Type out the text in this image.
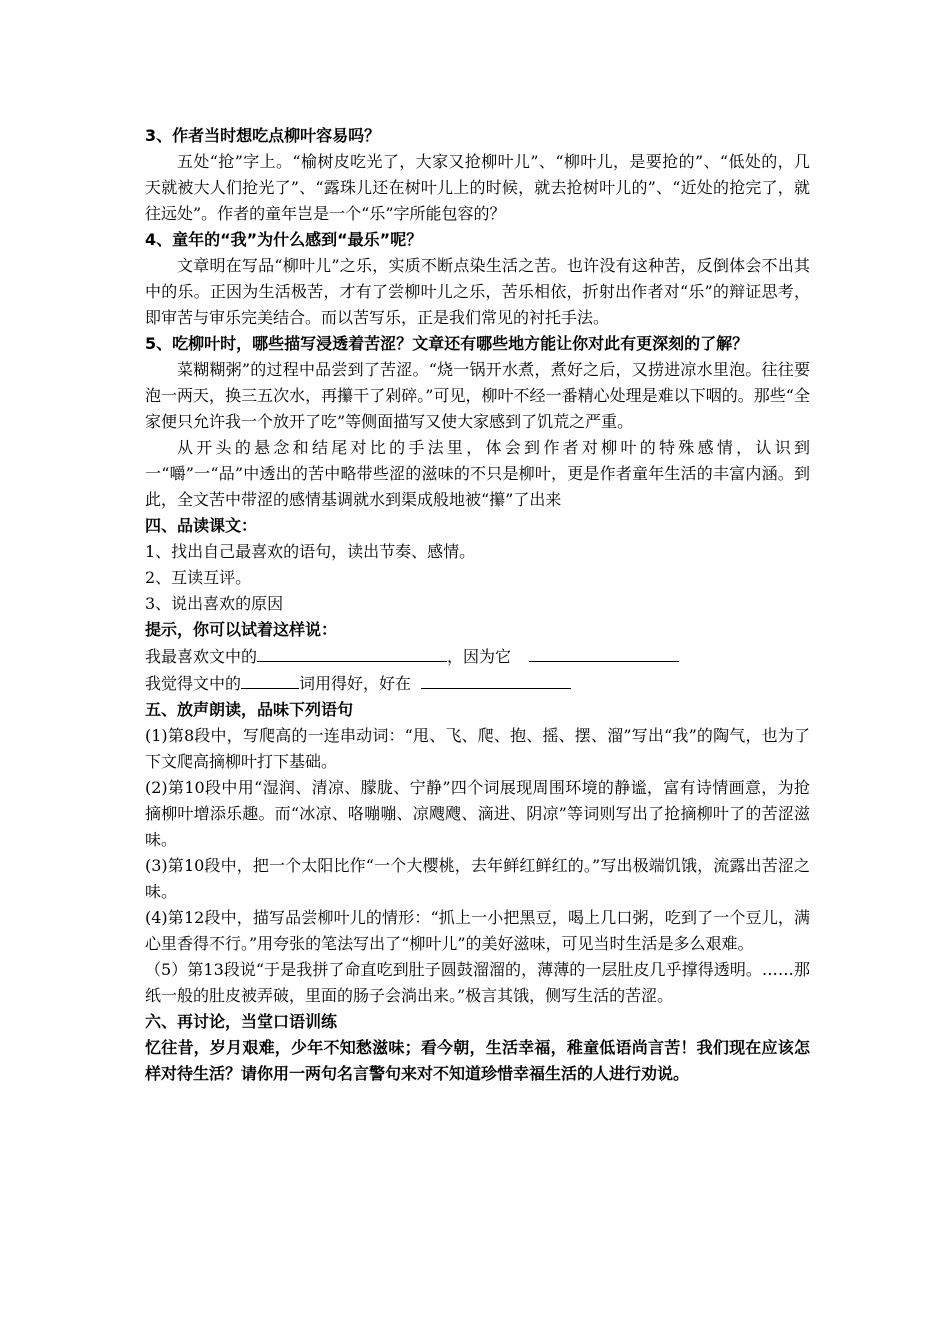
3、作者当时想吃点柳叶容易吗？

五处“抢”字上。“榆树皮吃光了，大家又抢柳叶儿”、“柳叶儿，是要抢的”、“低处的，几天就被大人们抢光了”、“露珠儿还在树叶儿上的时候，就去抢树叶儿的”、“近处的抢完了，就往远处”。作者的童年岂是一个“乐”字所能包容的？

4、童年的“我”为什么感到“最乐”呢？

文章明在写品“柳叶儿”之乐，实质不断点染生活之苦。也许没有这种苦，反倒体会不出其中的乐。正因为生活极苦，才有了尝柳叶儿之乐，苦乐相依，折射出作者对“乐”的辩证思考，即审苦与审乐完美结合。而以苦写乐，正是我们常见的衬托手法。

5、吃柳叶时，哪些描写浸透着苦涩？文章还有哪些地方能让你对此有更深刻的了解？

菜糊糊粥”的过程中品尝到了苦涩。“烧一锅开水煮，煮好之后，又捞进凉水里泡。往往要泡一两天，换三五次水，再攥干了剁碎。”可见，柳叶不经一番精心处理是难以下咽的。那些“全家便只允许我一个放开了吃”等侧面描写又使大家感到了饥荒之严重。

从开头的悬念和结尾对比的手法里，体会到作者对柳叶的特殊感情，认识到一“嚼”一“品”中透出的苦中略带些涩的滋味的不只是柳叶，更是作者童年生活的丰富内涵。到此，全文苦中带涩的感情基调就水到渠成般地被“攥”了出来

四、品读课文：

1、找出自己最喜欢的语句，读出节奏、感情。

2、互读互评。

3、说出喜欢的原因

提示，你可以试着这样说：

我最喜欢文中的	，因为它

我觉得文中的	词用得好，好在

五、放声朗读，品味下列语句

(1)第8段中，写爬高的一连串动词：“甩、飞、爬、抱、摇、摆、溜”写出“我”的陶气，也为了下文爬高摘柳叶打下基础。

(2)第10段中用“湿润、清凉、朦胧、宁静”四个词展现周围环境的静谧，富有诗情画意，为抢摘柳叶增添乐趣。而“冰凉、咯嘣嘣、凉飕飕、滴进、阴凉”等词则写出了抢摘柳叶了的苦涩滋味。

(3)第10段中，把一个太阳比作“一个大樱桃，去年鲜红鲜红的。”写出极端饥饿，流露出苦涩之味。

(4)第12段中，描写品尝柳叶儿的情形：“抓上一小把黑豆，喝上几口粥，吃到了一个豆儿，满心里香得不行。”用夸张的笔法写出了“柳叶儿”的美好滋味，可见当时生活是多么艰难。

（5）第13段说“于是我拼了命直吃到肚子圆鼓溜溜的，薄薄的一层肚皮几乎撑得透明。……那纸一般的肚皮被弄破，里面的肠子会淌出来。”极言其饿，侧写生活的苦涩。

六、再讨论，当堂口语训练

忆往昔，岁月艰难，少年不知愁滋味；看今朝，生活幸福，稚童低语尚言苦！我们现在应该怎样对待生活？请你用一两句名言警句来对不知道珍惜幸福生活的人进行劝说。
